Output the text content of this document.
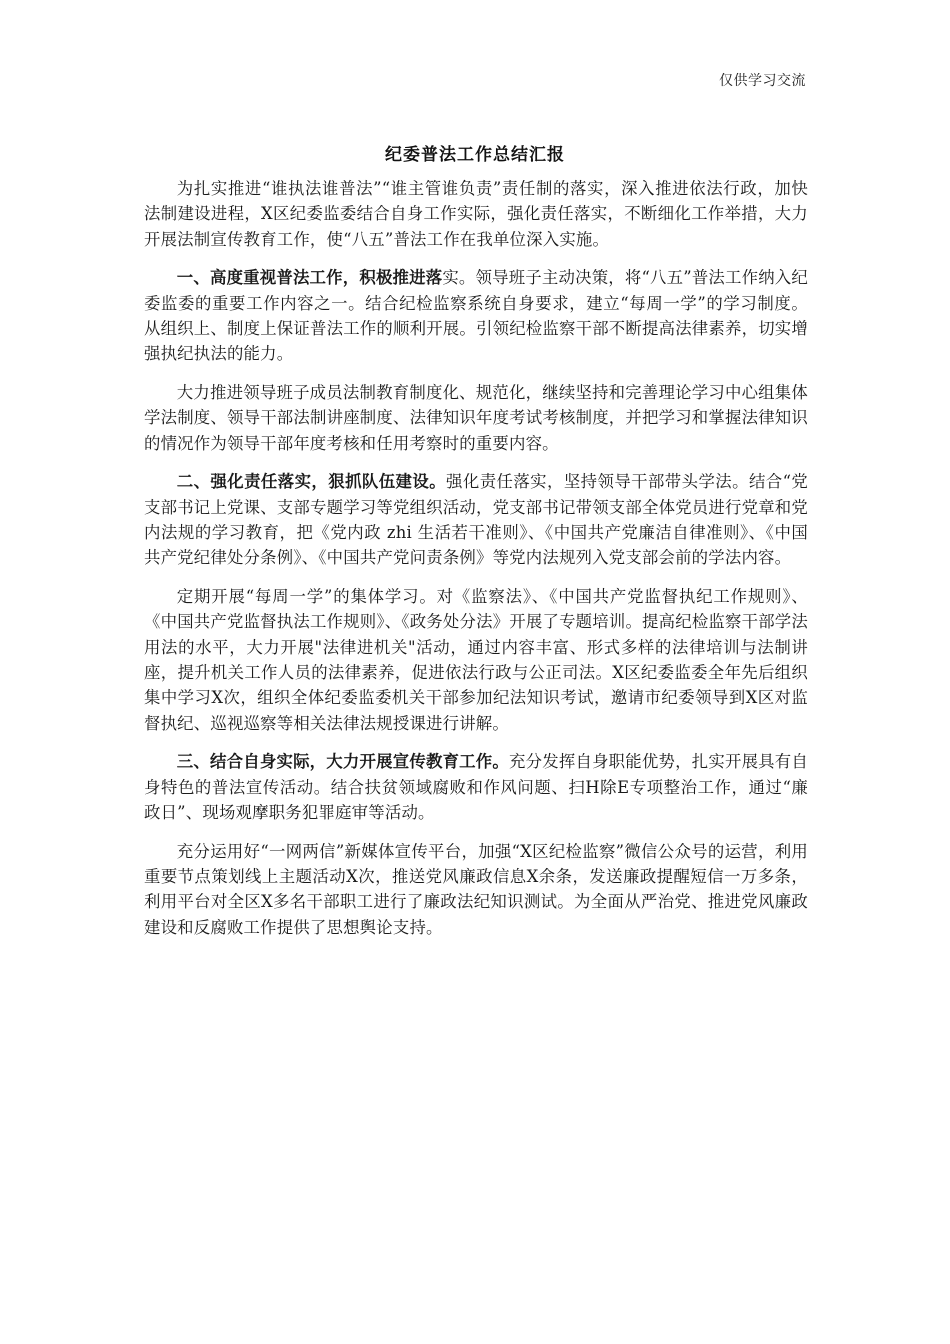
仅供学习交流
纪委普法工作总结汇报

为扎实推进“谁执法谁普法”“谁主管谁负责”责任制的落实，深入推进依法行政，加快法制建设进程，X区纪委监委结合自身工作实际，强化责任落实，不断细化工作举措，大力开展法制宣传教育工作，使“八五”普法工作在我单位深入实施。

一、高度重视普法工作，积极推进落实。领导班子主动决策，将“八五”普法工作纳入纪委监委的重要工作内容之一。结合纪检监察系统自身要求，建立“每周一学”的学习制度。从组织上、制度上保证普法工作的顺利开展。引领纪检监察干部不断提高法律素养，切实增强执纪执法的能力。

大力推进领导班子成员法制教育制度化、规范化，继续坚持和完善理论学习中心组集体学法制度、领导干部法制讲座制度、法律知识年度考试考核制度，并把学习和掌握法律知识的情况作为领导干部年度考核和任用考察时的重要内容。

二、强化责任落实，狠抓队伍建设。强化责任落实，坚持领导干部带头学法。结合“党支部书记上党课、支部专题学习等党组织活动，党支部书记带领支部全体党员进行党章和党内法规的学习教育，把《党内政 zhi 生活若干准则》、《中国共产党廉洁自律准则》、《中国共产党纪律处分条例》、《中国共产党问责条例》等党内法规列入党支部会前的学法内容。

定期开展“每周一学”的集体学习。对《监察法》、《中国共产党监督执纪工作规则》、《中国共产党监督执法工作规则》、《政务处分法》开展了专题培训。提高纪检监察干部学法用法的水平，大力开展"法律进机关"活动，通过内容丰富、形式多样的法律培训与法制讲座，提升机关工作人员的法律素养，促进依法行政与公正司法。X区纪委监委全年先后组织集中学习X次，组织全体纪委监委机关干部参加纪法知识考试，邀请市纪委领导到X区对监督执纪、巡视巡察等相关法律法规授课进行讲解。

三、结合自身实际，大力开展宣传教育工作。充分发挥自身职能优势，扎实开展具有自身特色的普法宣传活动。结合扶贫领域腐败和作风问题、扫H除E专项整治工作，通过“廉政日”、现场观摩职务犯罪庭审等活动。

充分运用好“一网两信”新媒体宣传平台，加强“X区纪检监察”微信公众号的运营，利用重要节点策划线上主题活动X次，推送党风廉政信息X余条，发送廉政提醒短信一万多条，利用平台对全区X多名干部职工进行了廉政法纪知识测试。为全面从严治党、推进党风廉政建设和反腐败工作提供了思想舆论支持。
